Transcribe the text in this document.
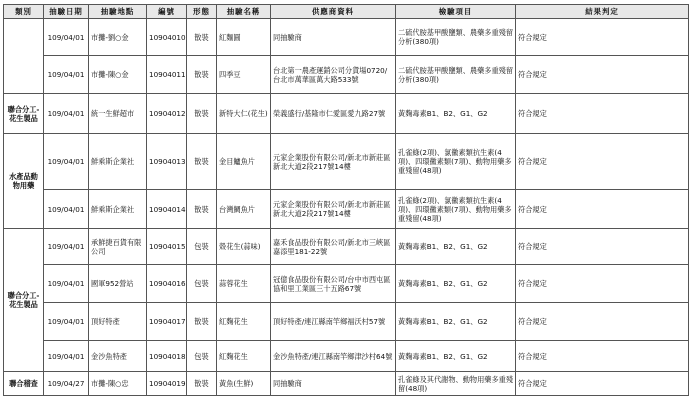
類別	抽驗日期	抽驗地點	編號	形態	抽驗名稱	供應商資料	檢驗項目	結果判定
	109/04/01	市攤-劉○金	10904010	散裝	紅麵圓	同抽驗商	二硫代胺基甲酸鹽類、農藥多重殘留分析(380項)	符合規定
	109/04/01	市攤-陳○金	10904011	散裝	四季豆	台北第一農產運銷公司分貨場0720/台北市萬華區萬大路533號	二硫代胺基甲酸鹽類、農藥多重殘留分析(380項)	符合規定
聯合分工-花生製品	109/04/01	統一生鮮超市	10904012	散裝	新特大仁(花生)	榮義盛行/基隆市仁愛區愛九路27號	黃麴毒素B1、B2、G1、G2	符合規定
水產品動物用藥	109/04/01	鮮乘斯企業社	10904013	散裝	金目鱸魚片	元家企業股份有限公司/新北市新莊區新北大道2段217號14樓	孔雀綠(2項)、氯黴素類抗生素(4項)、四環黴素類(7項)、動物用藥多重殘留(48項)	符合規定
	109/04/01	鮮乘斯企業社	10904014	散裝	台灣鯛魚片	元家企業股份有限公司/新北市新莊區新北大道2段217號14樓	孔雀綠(2項)、氯黴素類抗生素(4項)、四環黴素類(7項)、動物用藥多重殘留(48項)	符合規定
聯合分工-花生製品	109/04/01	承鮮捷百貨有限公司	10904015	包裝	殼花生(蒜味)	嘉禾食品股份有限公司/新北市三峽區嘉添里181-22號	黃麴毒素B1、B2、G1、G2	符合規定
	109/04/01	國軍952營站	10904016	包裝	蒜蓉花生	冠億食品股份有限公司/台中市西屯區協和里工業區三十五路67號	黃麴毒素B1、B2、G1、G2	符合規定
	109/04/01	頂好特產	10904017	散裝	紅麴花生	頂好特產/連江縣南竿鄉福沃村57號	黃麴毒素B1、B2、G1、G2	符合規定
	109/04/01	金沙魚特產	10904018	包裝	紅麴花生	金沙魚特產/連江縣南竿鄉津沙村64號	黃麴毒素B1、B2、G1、G2	符合規定
聯合稽查	109/04/27	市攤-陳○忠	10904019	散裝	黃魚(生鮮)	同抽驗商	孔雀綠及其代謝物、動物用藥多重殘留(48項)	符合規定
